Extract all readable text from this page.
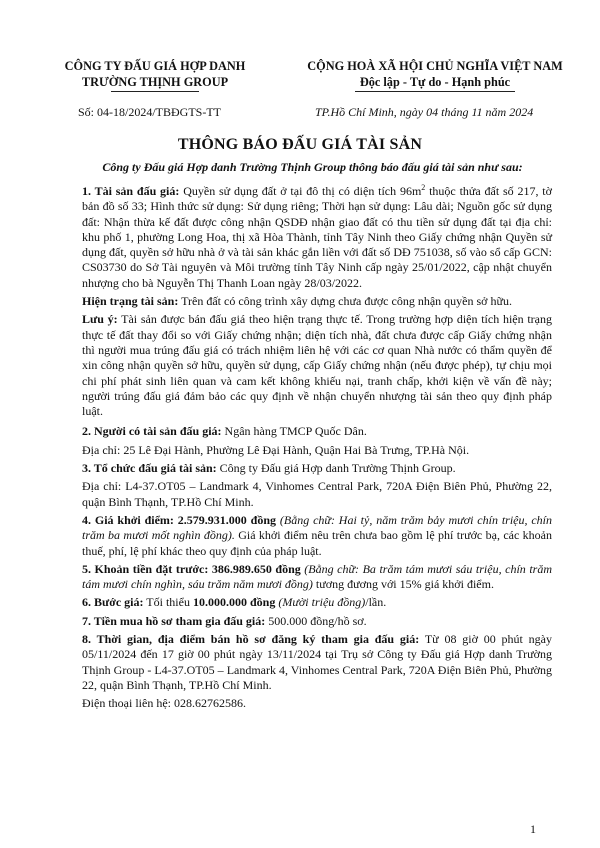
CÔNG TY ĐẤU GIÁ HỢP DANH
TRƯỜNG THỊNH GROUP
CỘNG HOÀ XÃ HỘI CHỦ NGHĨA VIỆT NAM
Độc lập - Tự do - Hạnh phúc
Số: 04-18/2024/TBĐGTS-TT	TP.Hồ Chí Minh, ngày 04 tháng 11 năm 2024
THÔNG BÁO ĐẤU GIÁ TÀI SẢN
Công ty Đấu giá Hợp danh Trường Thịnh Group thông báo đấu giá tài sản như sau:

1. Tài sản đấu giá: Quyền sử dụng đất ở tại đô thị có diện tích $96m^2$ thuộc thửa đất số 217, tờ bản đồ số 33; Hình thức sử dụng: Sử dụng riêng; Thời hạn sử dụng: Lâu dài; Nguồn gốc sử dụng đất: Nhận thừa kế đất được công nhận QSDĐ nhận giao đất có thu tiền sử dụng đất tại địa chỉ: khu phố 1, phường Long Hoa, thị xã Hòa Thành, tỉnh Tây Ninh theo Giấy chứng nhận Quyền sử dụng đất, quyền sở hữu nhà ở và tài sản khác gắn liền với đất số DĐ 751038, số vào sổ cấp GCN: CS03730 do Sở Tài nguyên và Môi trường tỉnh Tây Ninh cấp ngày 25/01/2022, cập nhật chuyển nhượng cho bà Nguyễn Thị Thanh Loan ngày 28/03/2022.

Hiện trạng tài sản: Trên đất có công trình xây dựng chưa được công nhận quyền sở hữu.

Lưu ý: Tài sản được bán đấu giá theo hiện trạng thực tế. Trong trường hợp diện tích hiện trạng thực tế đất thay đổi so với Giấy chứng nhận; diện tích nhà, đất chưa được cấp Giấy chứng nhận thì người mua trúng đấu giá có trách nhiệm liên hệ với các cơ quan Nhà nước có thẩm quyền để xin công nhận quyền sở hữu, quyền sử dụng, cấp Giấy chứng nhận (nếu được phép), tự chịu mọi chi phí phát sinh liên quan và cam kết không khiếu nại, tranh chấp, khởi kiện về vấn đề này; người trúng đấu giá đảm bảo các quy định về nhận chuyển nhượng tài sản theo quy định pháp luật.

2. Người có tài sản đấu giá: Ngân hàng TMCP Quốc Dân.

Địa chỉ: 25 Lê Đại Hành, Phường Lê Đại Hành, Quận Hai Bà Trưng, TP.Hà Nội.

3. Tổ chức đấu giá tài sản: Công ty Đấu giá Hợp danh Trường Thịnh Group.

Địa chỉ: L4-37.OT05 – Landmark 4, Vinhomes Central Park, 720A Điện Biên Phủ, Phường 22, quận Bình Thạnh, TP.Hồ Chí Minh.

4. Giá khởi điểm: 2.579.931.000 đồng (Bằng chữ: Hai tỷ, năm trăm bảy mươi chín triệu, chín trăm ba mươi mốt nghìn đồng). Giá khởi điểm nêu trên chưa bao gồm lệ phí trước bạ, các khoản thuế, phí, lệ phí khác theo quy định của pháp luật.

5. Khoản tiền đặt trước: 386.989.650 đồng (Bằng chữ: Ba trăm tám mươi sáu triệu, chín trăm tám mươi chín nghìn, sáu trăm năm mươi đồng) tương đương với 15% giá khởi điểm.

6. Bước giá: Tối thiểu 10.000.000 đồng (Mười triệu đồng)/lần.

7. Tiền mua hồ sơ tham gia đấu giá: 500.000 đồng/hồ sơ.

8. Thời gian, địa điểm bán hồ sơ đăng ký tham gia đấu giá: Từ 08 giờ 00 phút ngày 05/11/2024 đến 17 giờ 00 phút ngày 13/11/2024 tại Trụ sở Công ty Đấu giá Hợp danh Trường Thịnh Group - L4-37.OT05 – Landmark 4, Vinhomes Central Park, 720A Điện Biên Phủ, Phường 22, quận Bình Thạnh, TP.Hồ Chí Minh.

Điện thoại liên hệ: 028.62762586.

1
